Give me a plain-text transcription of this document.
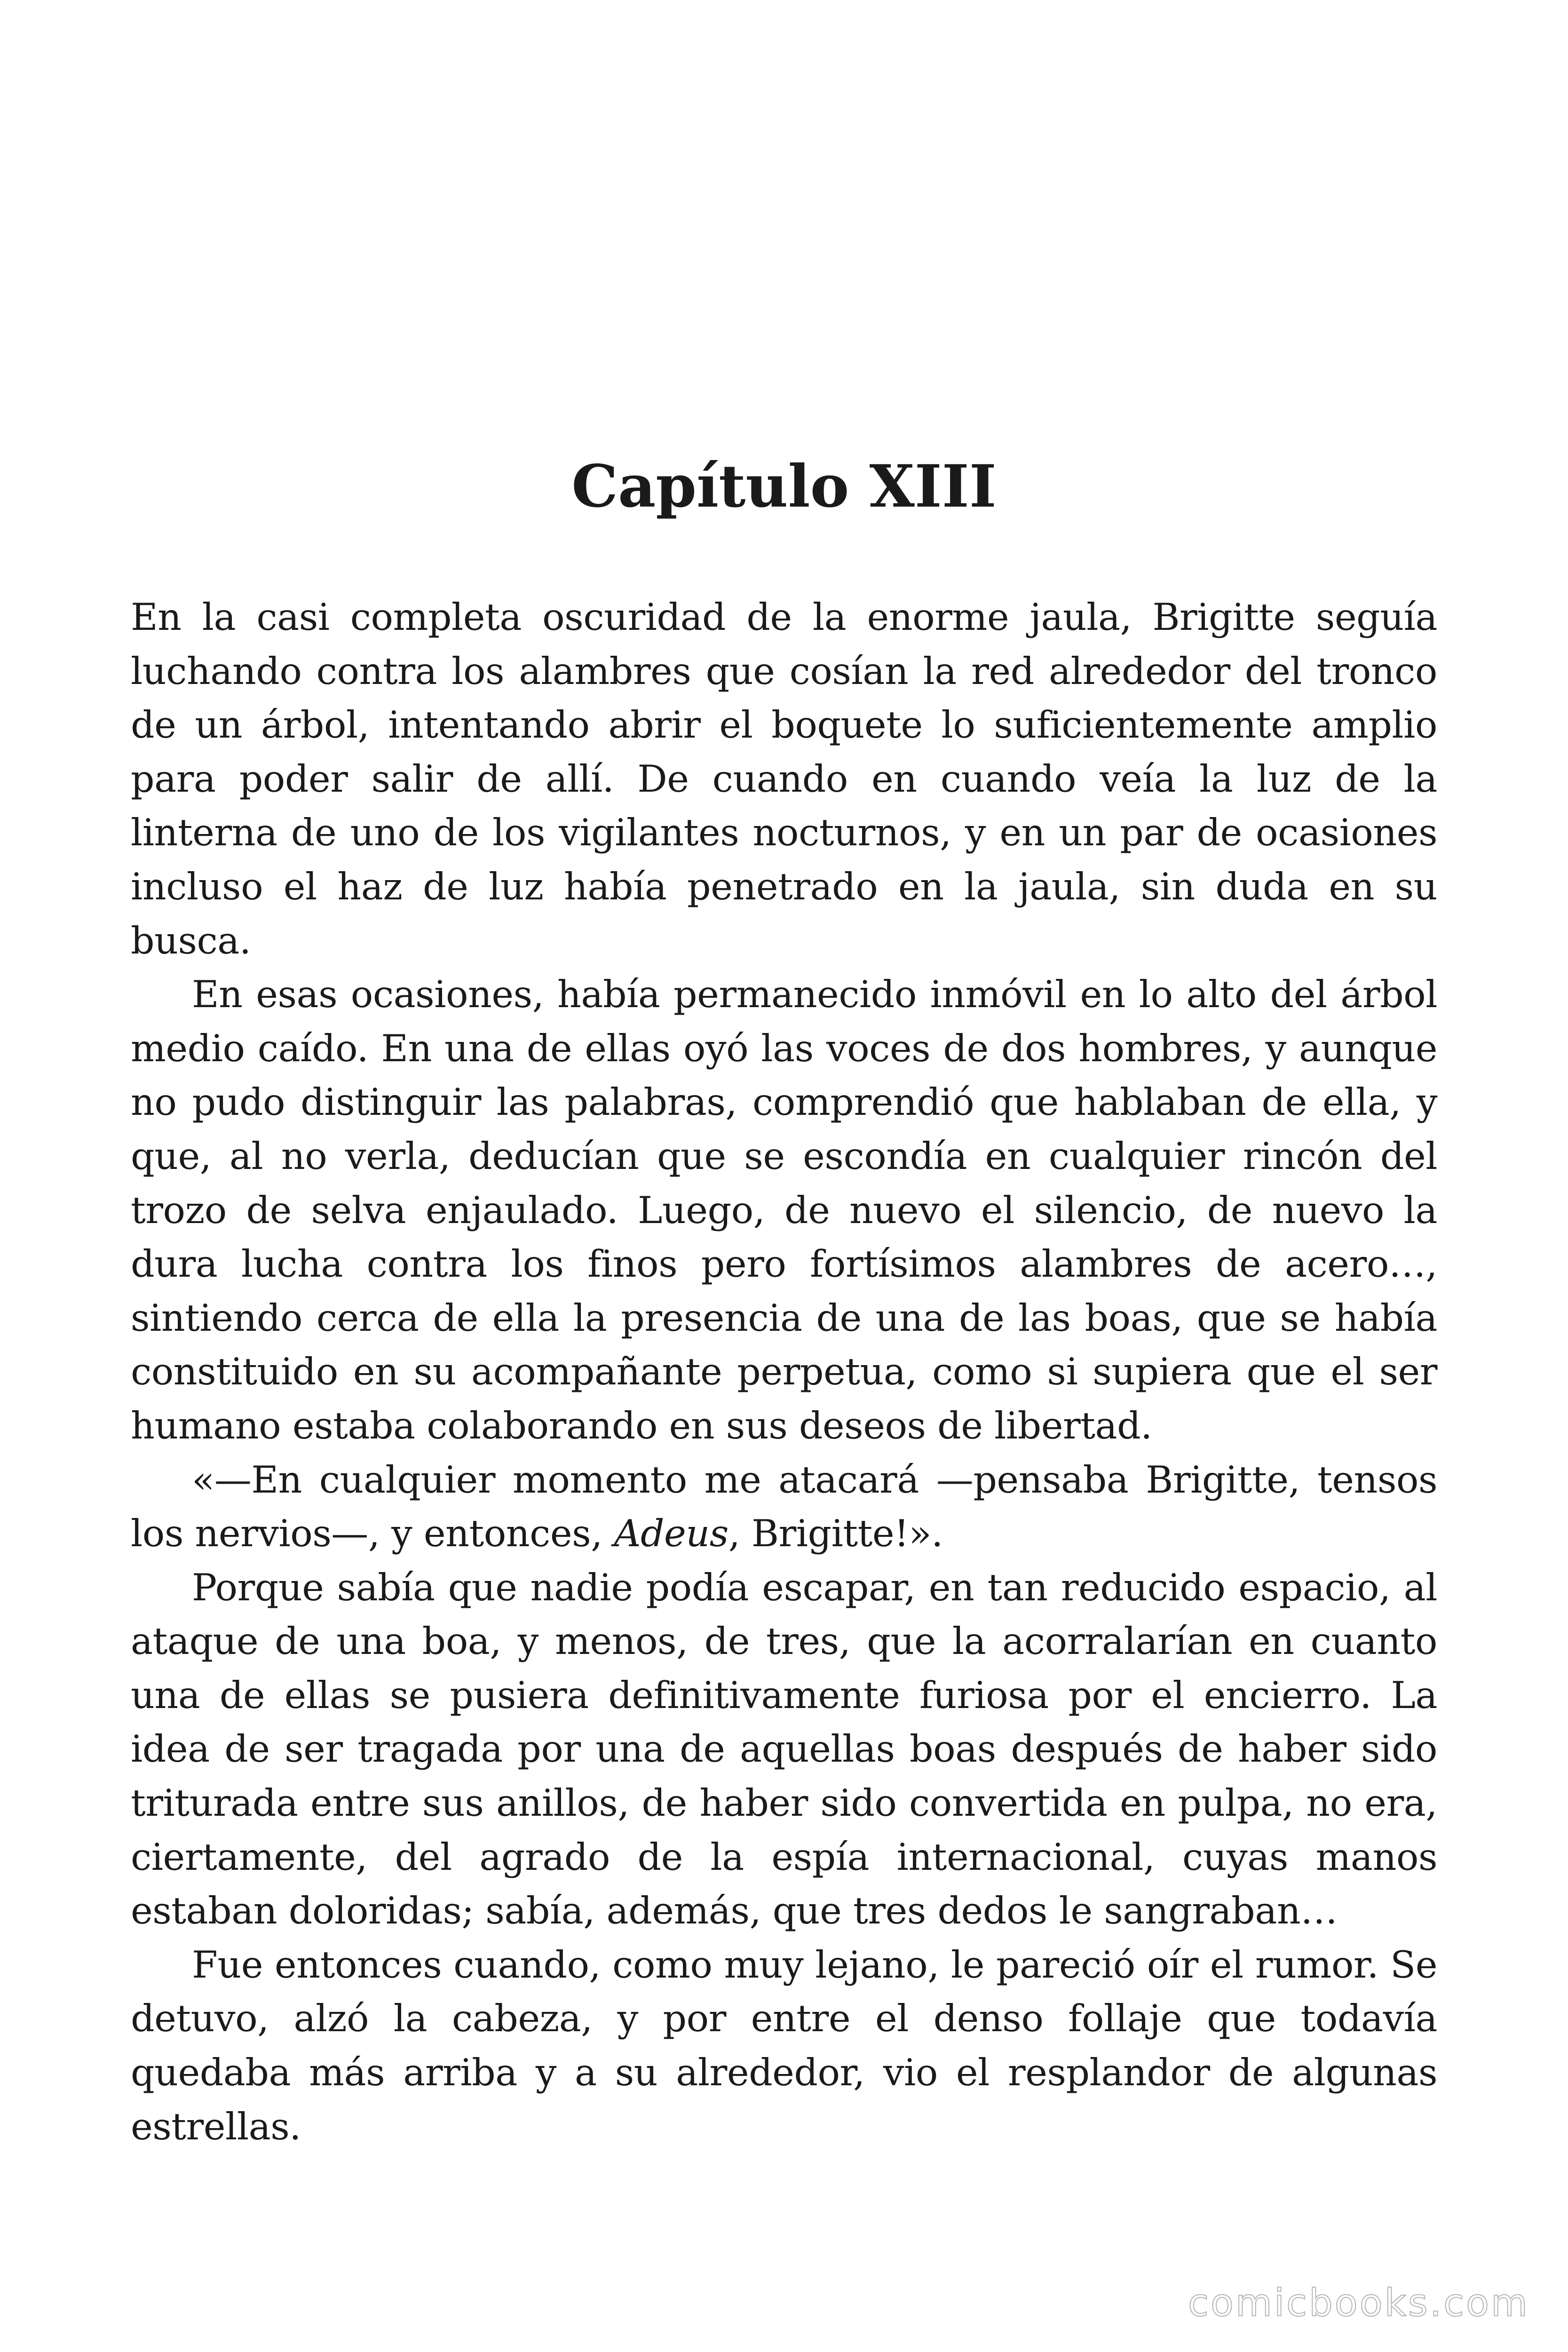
Capítulo XIII

En la casi completa oscuridad de la enorme jaula, Brigitte seguía luchando contra los alambres que cosían la red alrededor del tronco de un árbol, intentando abrir el boquete lo suficientemente amplio para poder salir de allí. De cuando en cuando veía la luz de la linterna de uno de los vigilantes nocturnos, y en un par de ocasiones incluso el haz de luz había penetrado en la jaula, sin duda en su busca.

En esas ocasiones, había permanecido inmóvil en lo alto del árbol medio caído. En una de ellas oyó las voces de dos hombres, y aunque no pudo distinguir las palabras, comprendió que hablaban de ella, y que, al no verla, deducían que se escondía en cualquier rincón del trozo de selva enjaulado. Luego, de nuevo el silencio, de nuevo la dura lucha contra los finos pero fortísimos alambres de acero…, sintiendo cerca de ella la presencia de una de las boas, que se había constituido en su acompañante perpetua, como si supiera que el ser humano estaba colaborando en sus deseos de libertad.

«—En cualquier momento me atacará —pensaba Brigitte, tensos los nervios—, y entonces, Adeus, Brigitte!».

Porque sabía que nadie podía escapar, en tan reducido espacio, al ataque de una boa, y menos, de tres, que la acorralarían en cuanto una de ellas se pusiera definitivamente furiosa por el encierro. La idea de ser tragada por una de aquellas boas después de haber sido triturada entre sus anillos, de haber sido convertida en pulpa, no era, ciertamente, del agrado de la espía internacional, cuyas manos estaban doloridas; sabía, además, que tres dedos le sangraban…

Fue entonces cuando, como muy lejano, le pareció oír el rumor. Se detuvo, alzó la cabeza, y por entre el denso follaje que todavía quedaba más arriba y a su alrededor, vio el resplandor de algunas estrellas.

comicbooks.com
